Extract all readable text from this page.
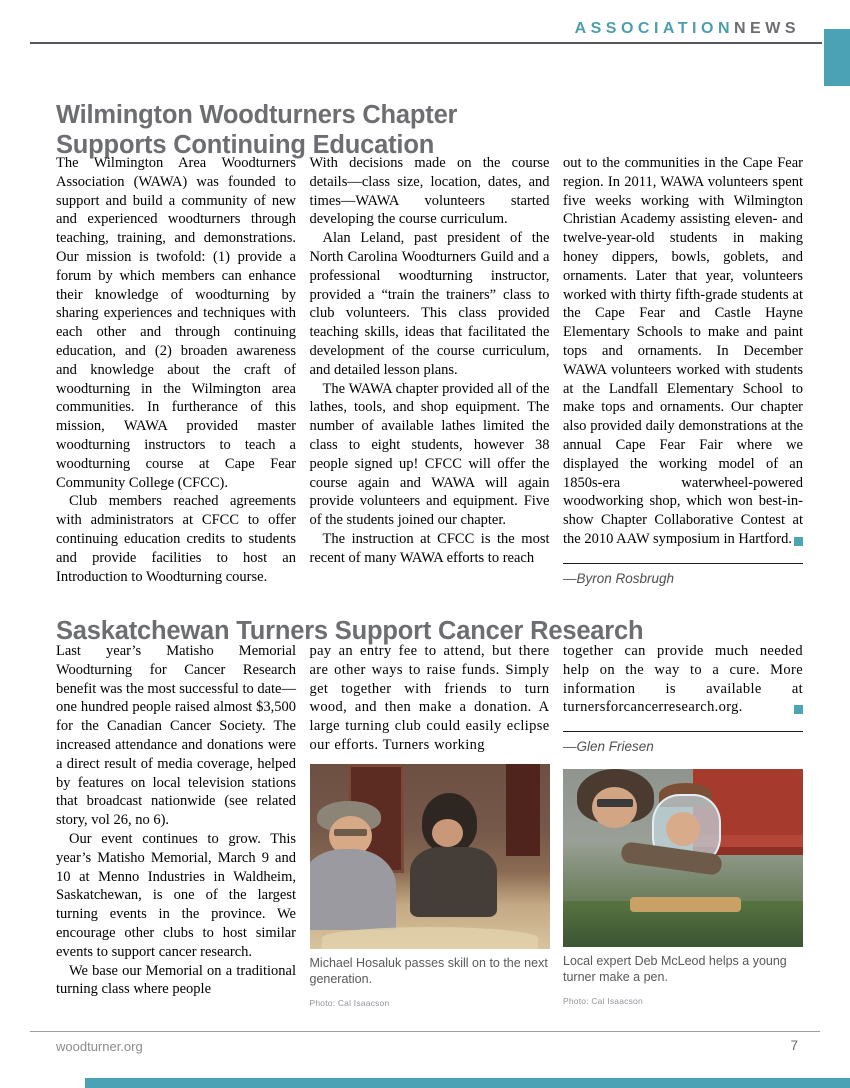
ASSOCIATIONNEWS
Wilmington Woodturners Chapter
Supports Continuing Education

The Wilmington Area Woodturners Association (WAWA) was founded to support and build a community of new and experienced woodturners through teaching, training, and demonstrations. Our mission is twofold: (1) provide a forum by which members can enhance their knowledge of woodturning by sharing experiences and techniques with each other and through continuing education, and (2) broaden awareness and knowledge about the craft of woodturning in the Wilmington area communities. In furtherance of this mission, WAWA provided master woodturning instructors to teach a woodturning course at Cape Fear Community College (CFCC).

Club members reached agreements with administrators at CFCC to offer continuing education credits to students and provide facilities to host an Introduction to Woodturning course.

With decisions made on the course details—class size, location, dates, and times—WAWA volunteers started developing the course curriculum.

Alan Leland, past president of the North Carolina Woodturners Guild and a professional woodturning instructor, provided a “train the trainers” class to club volunteers. This class provided teaching skills, ideas that facilitated the development of the course curriculum, and detailed lesson plans.

The WAWA chapter provided all of the lathes, tools, and shop equipment. The number of available lathes limited the class to eight students, however 38 people signed up! CFCC will offer the course again and WAWA will again provide volunteers and equipment. Five of the students joined our chapter.

The instruction at CFCC is the most recent of many WAWA efforts to reach

out to the communities in the Cape Fear region. In 2011, WAWA volunteers spent five weeks working with Wilmington Christian Academy assisting eleven- and twelve-year-old students in making honey dippers, bowls, goblets, and ornaments. Later that year, volunteers worked with thirty fifth-grade students at the Cape Fear and Castle Hayne Elementary Schools to make and paint tops and ornaments. In December WAWA volunteers worked with students at the Landfall Elementary School to make tops and ornaments. Our chapter also provided daily demonstrations at the annual Cape Fear Fair where we displayed the working model of an 1850s-era waterwheel-powered woodworking shop, which won best-in-show Chapter Collaborative Contest at the 2010 AAW symposium in Hartford.

—Byron Rosbrugh
Saskatchewan Turners Support Cancer Research

Last year’s Matisho Memorial Woodturning for Cancer Research benefit was the most successful to date—one hundred people raised almost $3,500 for the Canadian Cancer Society. The increased attendance and donations were a direct result of media coverage, helped by features on local television stations that broadcast nationwide (see related story, vol 26, no 6).

Our event continues to grow. This year’s Matisho Memorial, March 9 and 10 at Menno Industries in Waldheim, Saskatchewan, is one of the largest turning events in the province. We encourage other clubs to host similar events to support cancer research.

We base our Memorial on a traditional turning class where people

pay an entry fee to attend, but there are other ways to raise funds. Simply get together with friends to turn wood, and then make a donation. A large turning club could easily eclipse our efforts. Turners working

Michael Hosaluk passes skill on to the next generation.
Photo: Cal Isaacson

together can provide much needed help on the way to a cure. More information is available at turnersforcancerresearch.org.

—Glen Friesen
Local expert Deb McLeod helps a young turner make a pen.
Photo: Cal Isaacson
woodturner.org	7
